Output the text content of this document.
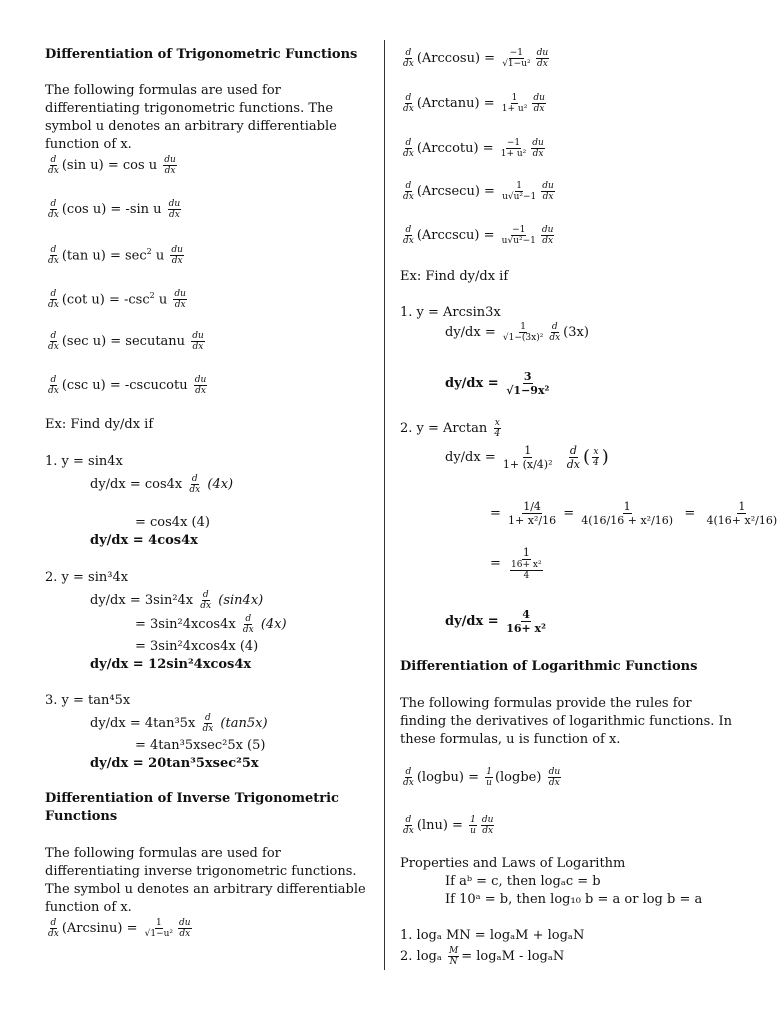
Differentiation of Trigonometric Functions
The following formulas are used for differentiating trigonometric functions. The symbol u denotes an arbitrary differentiable function of x.
$\frac{d}{dx} (\sin$ u) = cos u $\frac{du}{dx}$
$\frac{d}{dx} (\cos$ u) = -sin u $\frac{du}{dx}$
$\frac{d}{dx} (\tan$ $u) = \sec^2 u \frac{du}{dx}$
$\frac{d}{dx} (\cot$ $u) = -\csc^2$ u $\frac{du}{dx}$
$\frac{d}{dx} (\sec$ u) = secutanu $\frac{du}{dx}$
$\frac{d}{dx} (\csc$ u) = -cscucotu $\frac{du}{dx}$
Ex: Find dy/dx if
1. y = sin4x
$dy/dx = \cos 4x \frac{d}{dx} (4x)$
= cos4x (4)
dy/dx = 4cos4x
2. y = sin³4x
$dy/dx = 3\sin^24x \frac{d}{dx} (\sin 4x)$
= $3\sin^24xcos4x \frac{d}{dx} (4x)$
= 3sin²4xcos4x (4)
dy/dx = 12sin²4xcos4x
3. y = tan⁴5x
$dy/dx = 4\tan^35x \frac{d}{dx} (\tan 5x)$
= 4tan³5xsec²5x (5)
dy/dx = 20tan³5xsec²5x
Differentiation of Inverse Trigonometric
Functions
The following formulas are used for differentiating inverse trigonometric functions. The symbol u denotes an arbitrary differentiable function of x.
$\frac{d}{dx} (Arcsinu) = \frac{1}{\text{√1−u²}} \frac{du}{dx}$
$\frac{d}{dx} (Arccosu) = \frac{-1}{\text{√1−u²}} \frac{du}{dx}$
$\frac{d}{dx} (Arctanu) = \frac{1}{\text{1+ u²}} \frac{du}{dx}$
$\frac{d}{dx} (Arccotu) = \frac{-1}{\text{1+ u²}} \frac{du}{dx}$
$\frac{d}{dx} (Arcsecu) = \frac{1}{\text{u√u²−1}} \frac{du}{dx}$
$\frac{d}{dx} (Arccscu) = \frac{-1}{\text{u√u²−1}} \frac{du}{dx}$
Ex: Find dy/dx if
1. y = Arcsin3x
$dy/dx = \frac{1}{\text{√1−(3x)²}} \frac{d}{dx} (3x)$
$dy/dx = \frac{3}{\text{√1−9x²}}$
2. y = Arctan $\frac{x}{4}$
$dy/dx = \frac{1}{\text{1+ (x/4)²}}$
$\frac{d}{dx}$ ( $\frac{x}{4}$ )
= $\frac{1/4}{\text{1+ x²/16}} = \frac{1}{\text{4(16/16 + x²/16)}} = \frac{1}{\text{4(16+ x²/16)}}$
= $\frac{1}{\frac{\text{16+ x²}}{4}}$
$dy/dx = \frac{4}{\text{16+ x²}}$
Differentiation of Logarithmic Functions
The following formulas provide the rules for finding the derivatives of logarithmic functions. In these formulas, u is function of x.
$\frac{d}{dx}$ (logbu) = $\frac{1}{u}$ (logbe) $\frac{du}{dx}$
$\frac{d}{dx} (\ln u) = \frac{1}{u} \frac{du}{dx}$
Properties and Laws of Logarithm
If aᵇ = c, then logₐc = b
If 10ᵃ = b, then log₁₀ b = a or log b = a
1. logₐ MN = logₐM + logₐN
2. logₐ $\frac{M}{N} = \log_aM - \log_aN$
